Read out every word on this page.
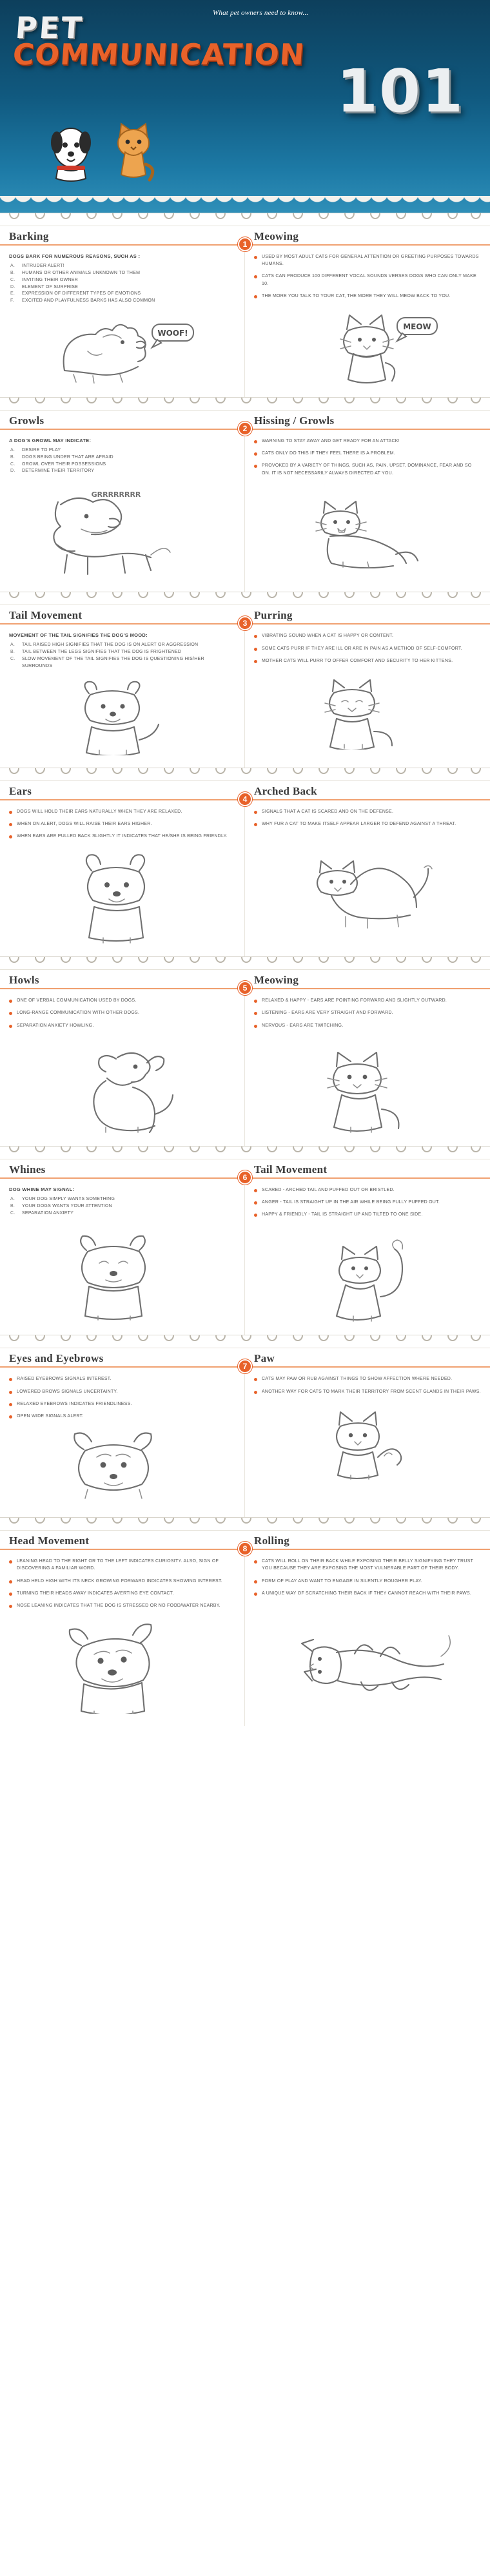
What pet owners need to know...
PET
COMMUNICATION
101
Barking	Meowing
1

DOGS BARK FOR NUMEROUS REASONS, SUCH AS :

A.	INTRUDER ALERT!
B.	HUMANS OR OTHER ANIMALS UNKNOWN TO THEM
C.	INVITING THEIR OWNER
D.	ELEMENT OF SURPRISE
E.	EXPRESSION OF DIFFERENT TYPES OF EMOTIONS
F.	EXCITED AND PLAYFULNESS BARKS HAS ALSO COMMON
WOOF!
USED BY MOST ADULT CATS FOR GENERAL ATTENTION OR GREETING PURPOSES TOWARDS HUMANS.
CATS CAN PRODUCE 100 DIFFERENT VOCAL SOUNDS VERSES DOGS WHO CAN ONLY MAKE 10.
THE MORE YOU TALK TO YOUR CAT, THE MORE THEY WILL MEOW BACK TO YOU.
MEOW
Growls	Hissing / Growls
2

A DOG'S GROWL MAY INDICATE:

A.	DESIRE TO PLAY
B.	DOGS BEING UNDER THAT ARE AFRAID
C.	GROWL OVER THEIR POSSESSIONS
D.	DETERMINE THEIR TERRITORY
GRRRRRRRR
WARNING TO STAY AWAY AND GET READY FOR AN ATTACK!
CATS ONLY DO THIS IF THEY FEEL THERE IS A PROBLEM.
PROVOKED BY A VARIETY OF THINGS, SUCH AS, PAIN, UPSET, DOMINANCE, FEAR AND SO ON. IT IS NOT NECESSARILY ALWAYS DIRECTED AT YOU.
Tail Movement	Purring
3

MOVEMENT OF THE TAIL SIGNIFIES THE DOG'S MOOD:

A.	TAIL RAISED HIGH SIGNIFIES THAT THE DOG IS ON ALERT OR AGGRESSION
B.	TAIL BETWEEN THE LEGS SIGNIFIES THAT THE DOG IS FRIGHTENED
C.	SLOW MOVEMENT OF THE TAIL SIGNIFIES THE DOG IS QUESTIONING HIS/HER SURROUNDS
VIBRATING SOUND WHEN A CAT IS HAPPY OR CONTENT.
SOME CATS PURR IF THEY ARE ILL OR ARE IN PAIN AS A METHOD OF SELF-COMFORT.
MOTHER CATS WILL PURR TO OFFER COMFORT AND SECURITY TO HER KITTENS.
Ears	Arched Back
4
DOGS WILL HOLD THEIR EARS NATURALLY WHEN THEY ARE RELAXED.
WHEN ON ALERT, DOGS WILL RAISE THEIR EARS HIGHER.
WHEN EARS ARE PULLED BACK SLIGHTLY IT INDICATES THAT HE/SHE IS BEING FRIENDLY.
SIGNALS THAT A CAT IS SCARED AND ON THE DEFENSE.
WHY FUR A CAT TO MAKE ITSELF APPEAR LARGER TO DEFEND AGAINST A THREAT.
Howls	Meowing
5
ONE OF VERBAL COMMUNICATION USED BY DOGS.
LONG-RANGE COMMUNICATION WITH OTHER DOGS.
SEPARATION ANXIETY HOWLING.
RELAXED & HAPPY - EARS ARE POINTING FORWARD AND SLIGHTLY OUTWARD.
LISTENING - EARS ARE VERY STRAIGHT AND FORWARD.
NERVOUS - EARS ARE TWITCHING.
Whines	Tail Movement
6

DOG WHINE MAY SIGNAL:

A.	YOUR DOG SIMPLY WANTS SOMETHING
B.	YOUR DOGS WANTS YOUR ATTENTION
C.	SEPARATION ANXIETY
SCARED - ARCHED TAIL AND PUFFED OUT OR BRISTLED.
ANGER - TAIL IS STRAIGHT UP IN THE AIR WHILE BEING FULLY PUFFED OUT.
HAPPY & FRIENDLY - TAIL IS STRAIGHT UP AND TILTED TO ONE SIDE.
Eyes and Eyebrows	Paw
7
RAISED EYEBROWS SIGNALS INTEREST.
LOWERED BROWS SIGNALS UNCERTAINTY.
RELAXED EYEBROWS INDICATES FRIENDLINESS.
OPEN WIDE SIGNALS ALERT.
CATS MAY PAW OR RUB AGAINST THINGS TO SHOW AFFECTION WHERE NEEDED.
ANOTHER WAY FOR CATS TO MARK THEIR TERRITORY FROM SCENT GLANDS IN THEIR PAWS.
Head Movement	Rolling
8
LEANING HEAD TO THE RIGHT OR TO THE LEFT INDICATES CURIOSITY. ALSO, SIGN OF DISCOVERING A FAMILIAR WORD.
HEAD HELD HIGH WITH ITS NECK GROWING FORWARD INDICATES SHOWING INTEREST.
TURNING THEIR HEADS AWAY INDICATES AVERTING EYE CONTACT.
NOSE LEANING INDICATES THAT THE DOG IS STRESSED OR NO FOOD/WATER NEARBY.
CATS WILL ROLL ON THEIR BACK WHILE EXPOSING THEIR BELLY SIGNIFYING THEY TRUST YOU BECAUSE THEY ARE EXPOSING THE MOST VULNERABLE PART OF THEIR BODY.
FORM OF PLAY AND WANT TO ENGAGE IN SILENTLY ROUGHER PLAY.
A UNIQUE WAY OF SCRATCHING THEIR BACK IF THEY CANNOT REACH WITH THEIR PAWS.
